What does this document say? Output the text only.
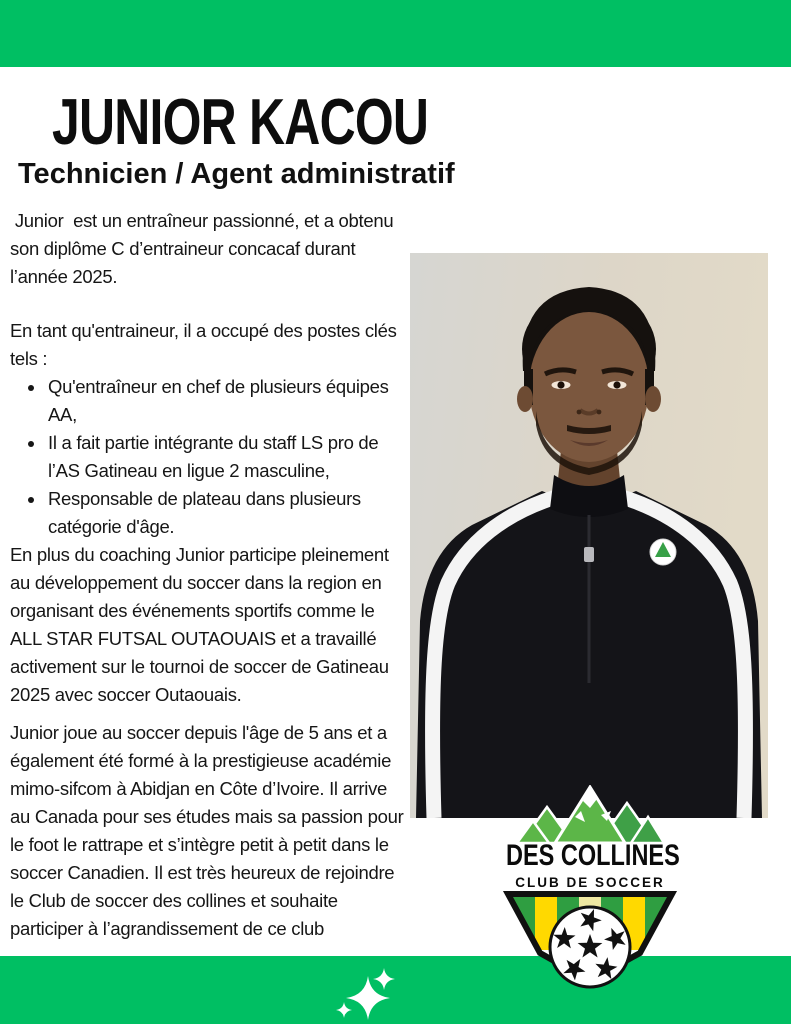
JUNIOR KACOU
Technicien / Agent administratif

Junior  est un entraîneur passionné, et a obtenu son diplôme C d’entraineur concacaf durant l’année 2025.

En tant qu'entraineur, il a occupé des postes clés tels :

• Qu'entraîneur en chef de plusieurs équipes AA,
• Il a fait partie intégrante du staff LS pro de l’AS Gatineau en ligue 2 masculine,
• Responsable de plateau dans plusieurs catégorie d'âge.

En plus du coaching Junior participe pleinement au développement du soccer dans la region en organisant des événements sportifs comme le ALL STAR FUTSAL OUTAOUAIS et a travaillé activement sur le tournoi de soccer de Gatineau 2025 avec soccer Outaouais.

Junior joue au soccer depuis l'âge de 5 ans et a également été formé à la prestigieuse académie mimo-sifcom à Abidjan en Côte d’Ivoire. Il arrive au Canada pour ses études mais sa passion pour le foot le rattrape et s’intègre petit à petit dans le soccer Canadien. Il est très heureux de rejoindre le Club de soccer des collines et souhaite participer à l’agrandissement de ce club

DES COLLINES
CLUB DE SOCCER
